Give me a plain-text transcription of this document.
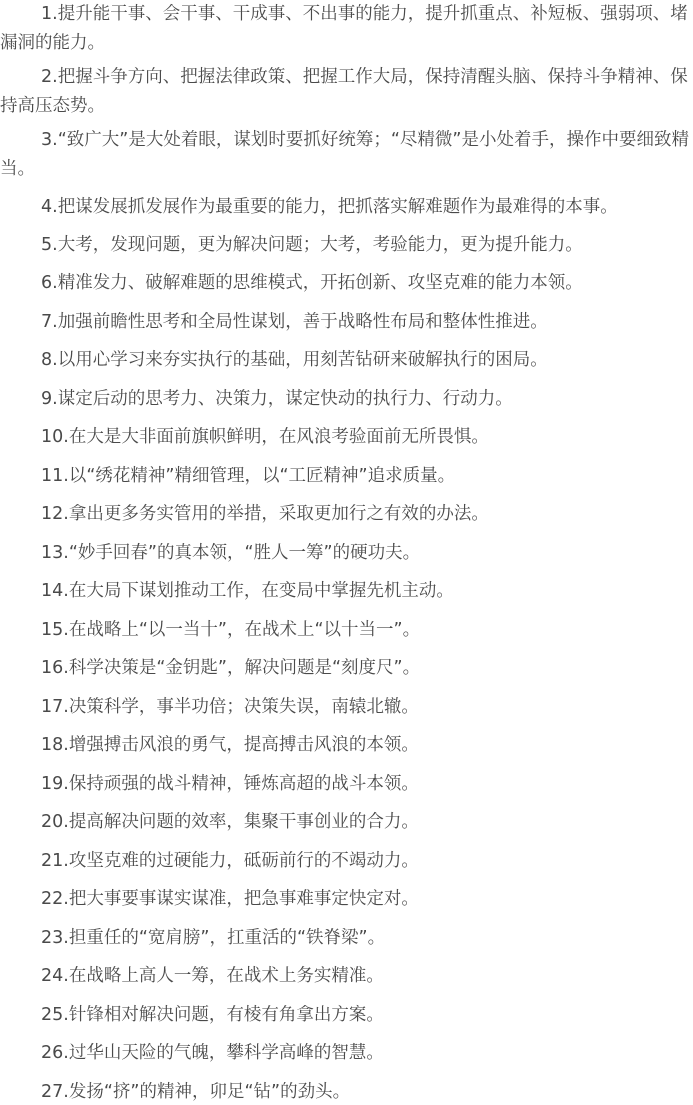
1.提升能干事、会干事、干成事、不出事的能力，提升抓重点、补短板、强弱项、堵漏洞的能力。

2.把握斗争方向、把握法律政策、把握工作大局，保持清醒头脑、保持斗争精神、保持高压态势。

3.“致广大”是大处着眼，谋划时要抓好统筹；“尽精微”是小处着手，操作中要细致精当。

4.把谋发展抓发展作为最重要的能力，把抓落实解难题作为最难得的本事。

5.大考，发现问题，更为解决问题；大考，考验能力，更为提升能力。

6.精准发力、破解难题的思维模式，开拓创新、攻坚克难的能力本领。

7.加强前瞻性思考和全局性谋划，善于战略性布局和整体性推进。

8.以用心学习来夯实执行的基础，用刻苦钻研来破解执行的困局。

9.谋定后动的思考力、决策力，谋定快动的执行力、行动力。

10.在大是大非面前旗帜鲜明，在风浪考验面前无所畏惧。

11.以“绣花精神”精细管理，以“工匠精神”追求质量。

12.拿出更多务实管用的举措，采取更加行之有效的办法。

13.“妙手回春”的真本领，“胜人一筹”的硬功夫。

14.在大局下谋划推动工作，在变局中掌握先机主动。

15.在战略上“以一当十”，在战术上“以十当一”。

16.科学决策是“金钥匙”，解决问题是“刻度尺”。

17.决策科学，事半功倍；决策失误，南辕北辙。

18.增强搏击风浪的勇气，提高搏击风浪的本领。

19.保持顽强的战斗精神，锤炼高超的战斗本领。

20.提高解决问题的效率，集聚干事创业的合力。

21.攻坚克难的过硬能力，砥砺前行的不竭动力。

22.把大事要事谋实谋准，把急事难事定快定对。

23.担重任的“宽肩膀”，扛重活的“铁脊梁”。

24.在战略上高人一筹，在战术上务实精准。

25.针锋相对解决问题，有棱有角拿出方案。

26.过华山天险的气魄，攀科学高峰的智慧。

27.发扬“挤”的精神，卯足“钻”的劲头。
